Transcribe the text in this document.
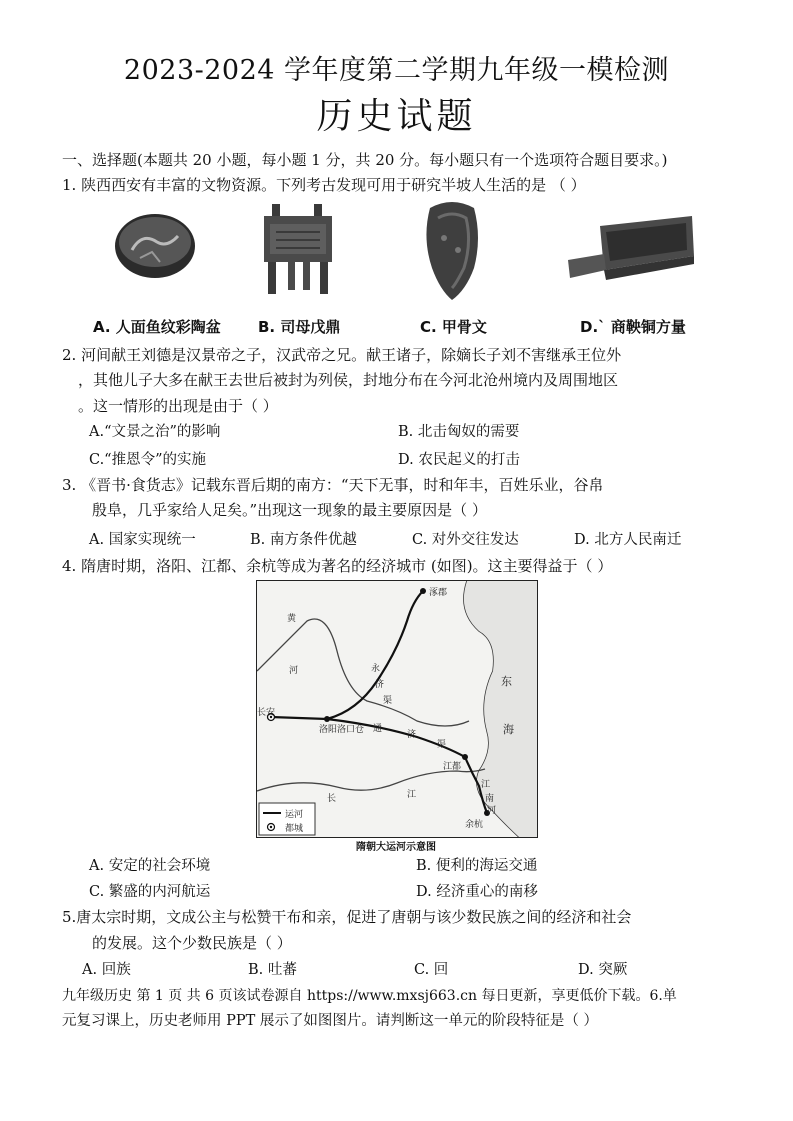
2023-2024 学年度第二学期九年级一模检测
历史试题
一、选择题(本题共 20 小题，每小题 1 分，共 20 分。每小题只有一个选项符合题目要求。)
1. 陕西西安有丰富的文物资源。下列考古发现可用于研究半坡人生活的是 （ ）
A. 人面鱼纹彩陶盆 B. 司母戊鼎	C. 甲骨文	D.` 商鞅铜方量
2. 河间献王刘德是汉景帝之子，汉武帝之兄。献王诸子，除嫡长子刘不害继承王位外
，其他儿子大多在献王去世后被封为列侯，封地分布在今河北沧州境内及周围地区
。这一情形的出现是由于（ ）
A.“文景之治”的影响	B. 北击匈奴的需要
C.“推恩令”的实施	D. 农民起义的打击
3. 《晋书·食货志》记载东晋后期的南方：“天下无事，时和年丰，百姓乐业，谷帛
殷阜，几乎家给人足矣。”出现这一现象的最主要原因是（ ）
A. 国家实现统一	B. 南方条件优越	C. 对外交往发达	D. 北方人民南迁
4. 隋唐时期，洛阳、江都、余杭等成为著名的经济城市 (如图)。这主要得益于（ ）
涿郡
长安
洛阳洛口仓
江都
余杭
运河
都城
东
海
黄
河
长	江
永
济
渠
通
济
渠
江
南
河
隋朝大运河示意图
A. 安定的社会环境	B. 便利的海运交通
C. 繁盛的内河航运	D. 经济重心的南移
5.唐太宗时期，文成公主与松赞干布和亲，促进了唐朝与该少数民族之间的经济和社会
的发展。这个少数民族是（ ）
A. 回族	B. 吐蕃	C. 回	D. 突厥
九年级历史 第 1 页 共 6 页该试卷源自 https://www.mxsj663.cn 每日更新，享更低价下载。6.单
元复习课上，历史老师用 PPT 展示了如图图片。请判断这一单元的阶段特征是（ ）
